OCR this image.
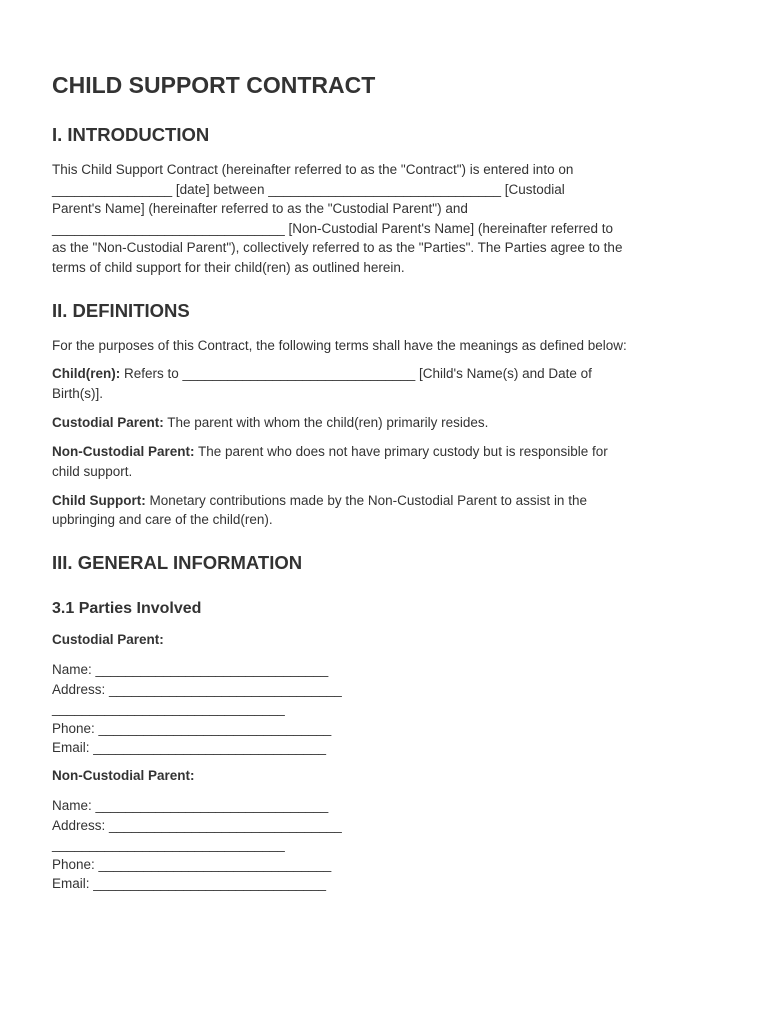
CHILD SUPPORT CONTRACT
I. INTRODUCTION

This Child Support Contract (hereinafter referred to as the "Contract") is entered into on

________________ [date] between _______________________________ [Custodial

Parent's Name] (hereinafter referred to as the "Custodial Parent") and

_______________________________ [Non-Custodial Parent's Name] (hereinafter referred to

as the "Non-Custodial Parent"), collectively referred to as the "Parties". The Parties agree to the

terms of child support for their child(ren) as outlined herein.

II. DEFINITIONS

For the purposes of this Contract, the following terms shall have the meanings as defined below:

Child(ren): Refers to _______________________________ [Child's Name(s) and Date of

Birth(s)].

Custodial Parent: The parent with whom the child(ren) primarily resides.

Non-Custodial Parent: The parent who does not have primary custody but is responsible for

child support.

Child Support: Monetary contributions made by the Non-Custodial Parent to assist in the

upbringing and care of the child(ren).

III. GENERAL INFORMATION
3.1 Parties Involved
Custodial Parent:

Name: _______________________________

Address: _______________________________

_______________________________

Phone: _______________________________

Email: _______________________________

Non-Custodial Parent:

Name: _______________________________

Address: _______________________________

_______________________________

Phone: _______________________________

Email: _______________________________
